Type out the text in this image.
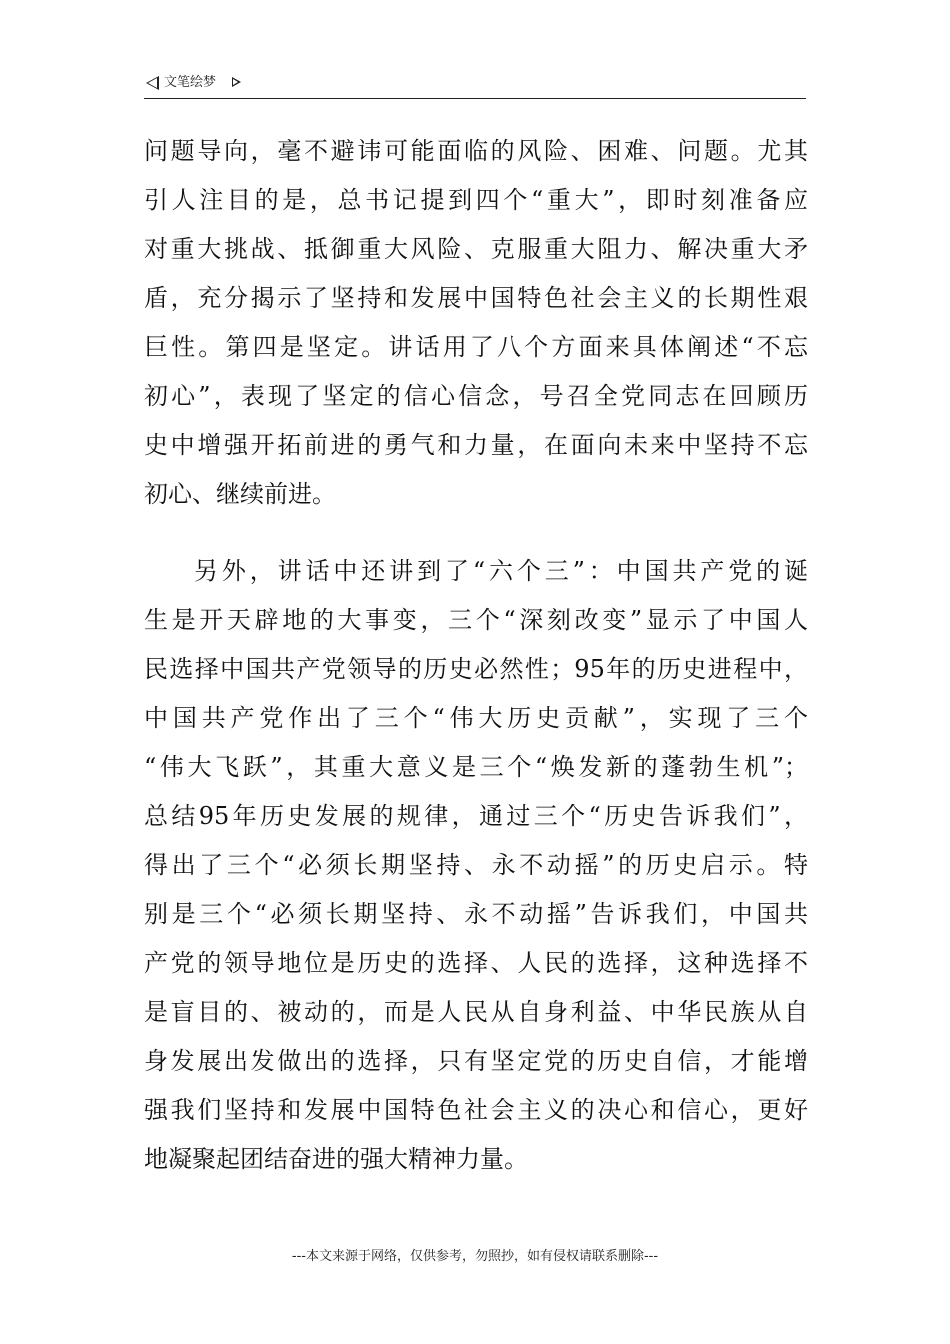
文笔绘梦
问题导向，毫不避讳可能面临的风险、困难、问题。尤其
引人注目的是，总书记提到四个“重大”，即时刻准备应
对重大挑战、抵御重大风险、克服重大阻力、解决重大矛
盾，充分揭示了坚持和发展中国特色社会主义的长期性艰
巨性。第四是坚定。讲话用了八个方面来具体阐述“不忘
初心”，表现了坚定的信心信念，号召全党同志在回顾历
史中增强开拓前进的勇气和力量，在面向未来中坚持不忘
初心、继续前进。
另外，讲话中还讲到了“六个三”：中国共产党的诞
生是开天辟地的大事变，三个“深刻改变”显示了中国人
民选择中国共产党领导的历史必然性；95年的历史进程中，
中国共产党作出了三个“伟大历史贡献”，实现了三个
“伟大飞跃”，其重大意义是三个“焕发新的蓬勃生机”；
总结95年历史发展的规律，通过三个“历史告诉我们”，
得出了三个“必须长期坚持、永不动摇”的历史启示。特
别是三个“必须长期坚持、永不动摇”告诉我们，中国共
产党的领导地位是历史的选择、人民的选择，这种选择不
是盲目的、被动的，而是人民从自身利益、中华民族从自
身发展出发做出的选择，只有坚定党的历史自信，才能增
强我们坚持和发展中国特色社会主义的决心和信心，更好
地凝聚起团结奋进的强大精神力量。
---本文来源于网络，仅供参考，勿照抄，如有侵权请联系删除---
